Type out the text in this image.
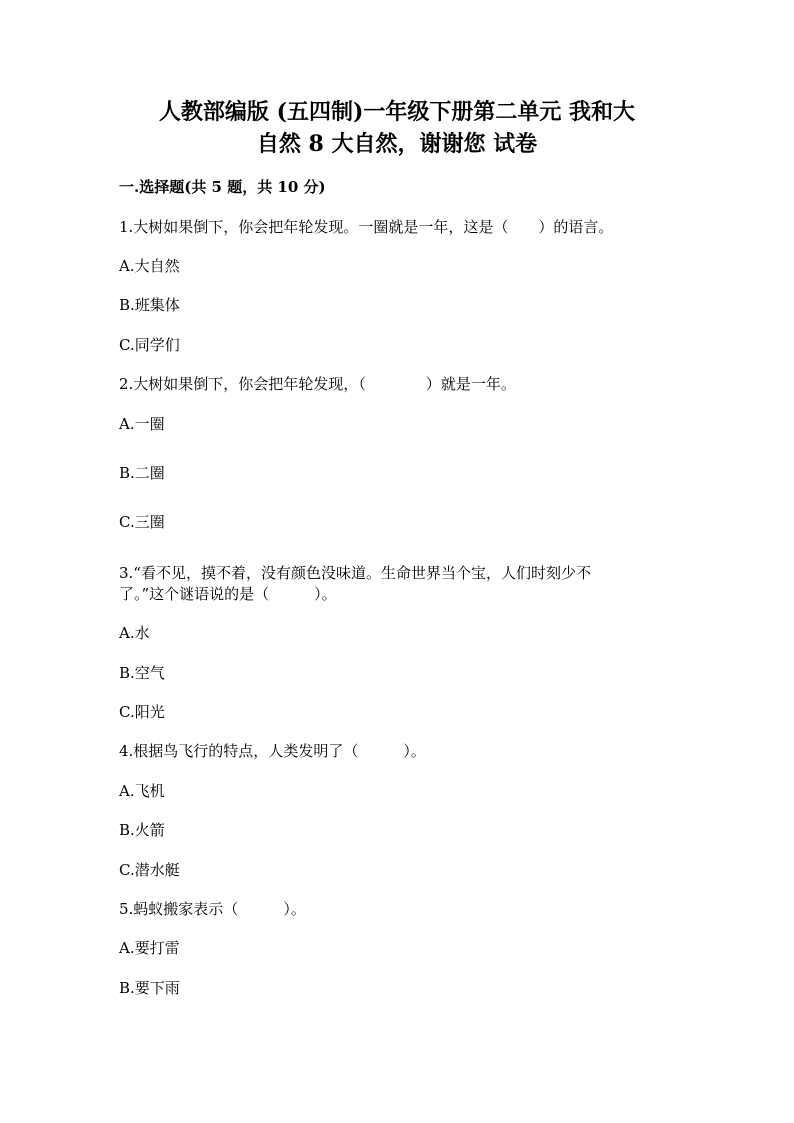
人教部编版 (五四制)一年级下册第二单元 我和大
自然 8 大自然，谢谢您 试卷
一.选择题(共 5 题，共 10 分)
1.大树如果倒下，你会把年轮发现。一圈就是一年，这是（　　）的语言。
A.大自然
B.班集体
C.同学们
2.大树如果倒下，你会把年轮发现，（　　　　）就是一年。
A.一圈
B.二圈
C.三圈
3.“看不见，摸不着，没有颜色没味道。生命世界当个宝，人们时刻少不
了。”这个谜语说的是（　　　）。
A.水
B.空气
C.阳光
4.根据鸟飞行的特点，人类发明了（　　　）。
A.飞机
B.火箭
C.潜水艇
5.蚂蚁搬家表示（　　　）。
A.要打雷
B.要下雨
